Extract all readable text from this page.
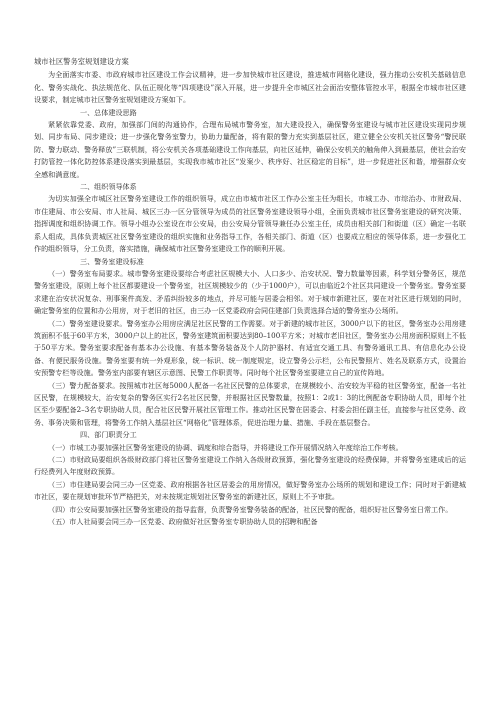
城市社区警务室规划建设方案

为全面落实市委、市政府城市社区建设工作会议精神，进一步加快城市社区建设，推进城市网格化建设，强力推动公安机关基础信息化、警务实战化、执法规范化、队伍正规化等“四项建设”深入开展，进一步提升全市城区社会面治安整体管控水平，根据全市城市社区建设要求，制定城市社区警务室规划建设方案如下。

一、总体建设思路

紧紧依靠党委、政府，加强部门间的沟通协作，合理布局城市警务室，加大建设投入，确保警务室建设与城市社区建设实现同步规划、同步布局、同步建设；进一步强化警务室警力，协助力量配备，将有限的警力充实到基层社区，建立健全公安机关社区警务“警民联防、警力联动、警务释放”三联机制，将公安机关各项基础建设工作向基层，向社区延伸，确保公安机关的触角伸入到最基层，使社会治安打防管控一体化防控体系建设落实到最基层，实现我市城市社区“发案少、秩序好、社区稳定的目标”，进一步促进社区和谐，增强群众安全感和满意度。

二、组织领导体系

为切实加强全市城区社区警务室建设工作的组织领导，成立由市城市社区工作办公室主任为组长，市城工办、市综治办、市财政局、市住建局、市公安局、市人社局、城区三办一区分管领导为成员的社区警务室建设领导小组，全面负责城市社区警务室建设的研究决策、指挥调度和组织协调工作。领导小组办公室设在市公安局，由公安局分管领导兼任办公室主任，成员由相关部门和街道（区）确定一名联系人组成，具体负责城区社区警务室建设的组织实施和业务指导工作，各相关部门、街道（区）也要成立相应的领导体系，进一步强化工作的组织领导，分工负责，落实措施，确保城市社区警务室建设工作的顺利开展。

三、警务室建设标准

（一）警务室布局要求。城市警务室建设要综合考虑社区规模大小、人口多少、治安状况、警力数量等因素，科学划分警务区，规范警务室建设，原则上每个社区都要建设一个警务室，社区规模较少的（少于1000户），可以由临近2个社区共同建设一个警务室。警务室要求建在治安状况复杂、刑事案件高发、矛盾纠纷较多的地点，并尽可能与居委会相邻。对于城市新建社区，要在对社区进行规划的同时，确定警务室的位置和办公用房，对于老旧的社区，由三办一区党委政府会同住建部门负责选择合适的警务室办公场所。

（二）警务室建设要求。警务室办公用房应满足社区民警的工作需要。对于新建的城市社区，3000户以下的社区，警务室办公用房建筑面积不低于60平方米，3000户以上的社区，警务室建筑面积要达到80–100平方米；对城市老旧社区，警务室办公用房面积原则上不低于50平方米。警务室要求配备有基本办公设施、有基本警务装备及个人防护器材、有适宜交通工具、有警务通讯工具、有信息化办公设备、有便民服务设施。警务室要有统一外观形象，统一标识、统一制度规定，设立警务公示栏，公布民警照片、姓名及联系方式，设置治安预警专栏等设施。警务室内部要有辖区示意图、民警工作职责等。同时每个社区警务室要建立自己的宣传阵地。

（三）警力配备要求。按照城市社区每5000人配备一名社区民警的总体要求，在规模较小、治安较为平稳的社区警务室，配备一名社区民警，在规模较大，治安复杂的警务区实行2名社区民警，并根据社区民警数量，按照1：2或1：3的比例配备专职协助人员，即每个社区至少要配备2–3名专职协助人员，配合社区民警开展社区管理工作。推动社区民警在居委会、村委会担任副主任，直接参与社区党务、政务、事务决策和管理，将警务工作纳入基层社区“网格化”管理体系，促进治理力量、措施、手段在基层整合。

四、部门职责分工

（一）市城工办要加强社区警务室建设的协调、调度和综合指导，并将建设工作开展情况纳入年度综治工作考核。

（二）市财政局要组织各级财政部门将社区警务室建设工作纳入各级财政预算，强化警务室建设的经费保障，并将警务室建成后的运行经费列入年度财政预算。

（三）市住建局要会同三办一区党委、政府根据各社区居委会的用房情况，做好警务室办公场所的规划和建设工作；同时对于新建城市社区，要在规划审批环节严格把关，对未按规定规划社区警务室的新建社区，原则上不予审批。

（四）市公安局要加强社区警务室建设的指导监督，负责警务室警务装备的配备，社区民警的配备，组织好社区警务室日常工作。

（五）市人社局要会同三办一区党委、政府做好社区警务室专职协助人员的招聘和配备
